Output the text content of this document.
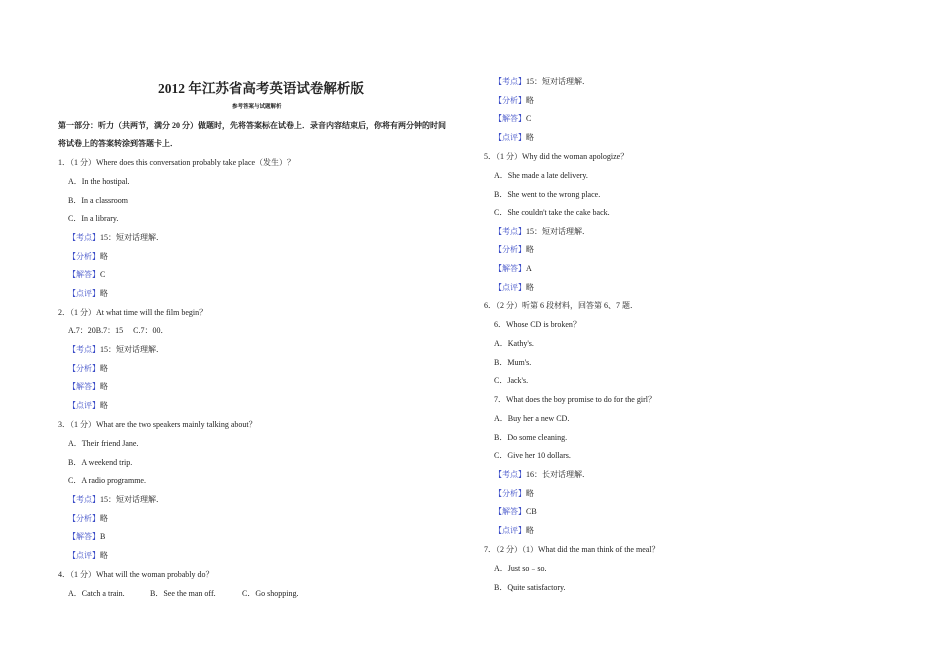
2012 年江苏省高考英语试卷解析版
参考答案与试题解析
第一部分：听力（共两节，满分 20 分）做题时，先将答案标在试卷上．录音内容结束后，你将有两分钟的时间
将试卷上的答案转涂到答题卡上．
1．（1 分）Where does this conversation probably take place（发生）？
A．In the hostipal.
B．In a classroom
C．In a library.
【考点】15：短对话理解．
【分析】略
【解答】C
【点评】略
2．（1 分）At what time will the film begin？
A.7：20B.7：15     C.7：00．
【考点】15：短对话理解．
【分析】略
【解答】略
【点评】略
3．（1 分）What are the two speakers mainly talking about？
A．Their friend Jane.
B．A weekend trip.
C．A radio programme.
【考点】15：短对话理解．
【分析】略
【解答】B
【点评】略
4．（1 分）What will the woman probably do？
A．Catch a train.	B．See the man off.	C．Go shopping.
【考点】15：短对话理解．
【分析】略
【解答】C
【点评】略
5．（1 分）Why did the woman apologize？
A．She made a late delivery.
B．She went to the wrong place.
C．She couldn't take the cake back.
【考点】15：短对话理解．
【分析】略
【解答】A
【点评】略
6．（2 分）听第 6 段材料，回答第 6、7 题．
6．Whose CD is broken？
A．Kathy's.
B．Mum's.
C．Jack's.
7．What does the boy promise to do for the girl？
A．Buy her a new CD.
B．Do some cleaning.
C．Give her 10 dollars.
【考点】16：长对话理解．
【分析】略
【解答】CB
【点评】略
7．（2 分）（1）What did the man think of the meal？
A．Just so﹣so.
B．Quite satisfactory.
